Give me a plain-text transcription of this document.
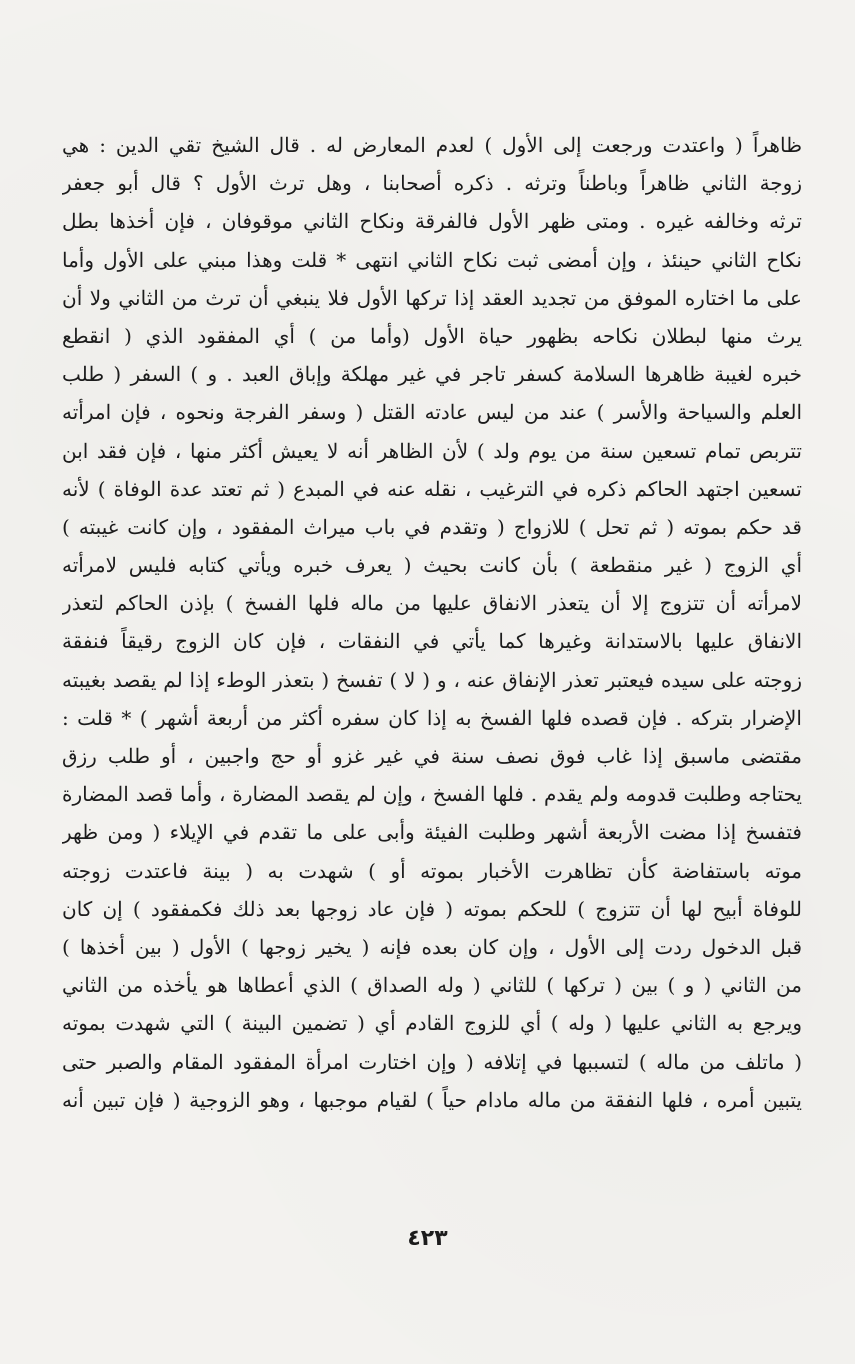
ظاهراً ( واعتدت ورجعت إلى الأول ) لعدم المعارض له . قال الشيخ تقي الدين : هي
زوجة الثاني ظاهراً وباطناً وترثه . ذكره أصحابنا ، وهل ترث الأول ؟ قال أبو جعفر
ترثه وخالفه غيره . ومتى ظهر الأول فالفرقة ونكاح الثاني موقوفان ، فإن أخذها بطل
نكاح الثاني حينئذ ، وإن أمضى ثبت نكاح الثاني انتهى * قلت وهذا مبني على الأول وأما
على ما اختاره الموفق من تجديد العقد إذا تركها الأول فلا ينبغي أن ترث من الثاني ولا أن
يرث منها لبطلان نكاحه بظهور حياة الأول (وأما من ) أي المفقود الذي ( انقطع
خبره لغيبة ظاهرها السلامة كسفر تاجر في غير مهلكة وإباق العبد . و ) السفر ( طلب
العلم والسياحة والأسر ) عند من ليس عادته القتل ( وسفر الفرجة ونحوه ، فإن امرأته
تتربص تمام تسعين سنة من يوم ولد ) لأن الظاهر أنه لا يعيش أكثر منها ، فإن فقد ابن
تسعين اجتهد الحاكم ذكره في الترغيب ، نقله عنه في المبدع ( ثم تعتد عدة الوفاة ) لأنه
قد حكم بموته ( ثم تحل ) للازواج ( وتقدم في باب ميراث المفقود ، وإن كانت غيبته )
أي الزوج ( غير منقطعة ) بأن كانت بحيث ( يعرف خبره ويأتي كتابه فليس لامرأته
لامرأته أن تتزوج إلا أن يتعذر الانفاق عليها من ماله فلها الفسخ ) بإذن الحاكم لتعذر
الانفاق عليها بالاستدانة وغيرها كما يأتي في النفقات ، فإن كان الزوج رقيقاً فنفقة
زوجته على سيده فيعتبر تعذر الإنفاق عنه ، و ( لا ) تفسخ ( بتعذر الوطء إذا لم يقصد بغيبته
الإضرار بتركه . فإن قصده فلها الفسخ به إذا كان سفره أكثر من أربعة أشهر ) * قلت :
مقتضى ماسبق إذا غاب فوق نصف سنة في غير غزو أو حج واجبين ، أو طلب رزق
يحتاجه وطلبت قدومه ولم يقدم . فلها الفسخ ، وإن لم يقصد المضارة ، وأما قصد المضارة
فتفسخ إذا مضت الأربعة أشهر وطلبت الفيئة وأبى على ما تقدم في الإيلاء ( ومن ظهر
موته باستفاضة كأن تظاهرت الأخبار بموته أو ) شهدت به ( بينة فاعتدت زوجته
للوفاة أبيح لها أن تتزوج ) للحكم بموته ( فإن عاد زوجها بعد ذلك فكمفقود ) إن كان
قبل الدخول ردت إلى الأول ، وإن كان بعده فإنه ( يخير زوجها ) الأول ( بين أخذها )
من الثاني ( و ) بين ( تركها ) للثاني ( وله الصداق ) الذي أعطاها هو يأخذه من الثاني
ويرجع به الثاني عليها ( وله ) أي للزوج القادم أي ( تضمين البينة ) التي شهدت بموته
( ماتلف من ماله ) لتسببها في إتلافه ( وإن اختارت امرأة المفقود المقام والصبر حتى
يتبين أمره ، فلها النفقة من ماله مادام حياً ) لقيام موجبها ، وهو الزوجية ( فإن تبين أنه
٤٢٣
